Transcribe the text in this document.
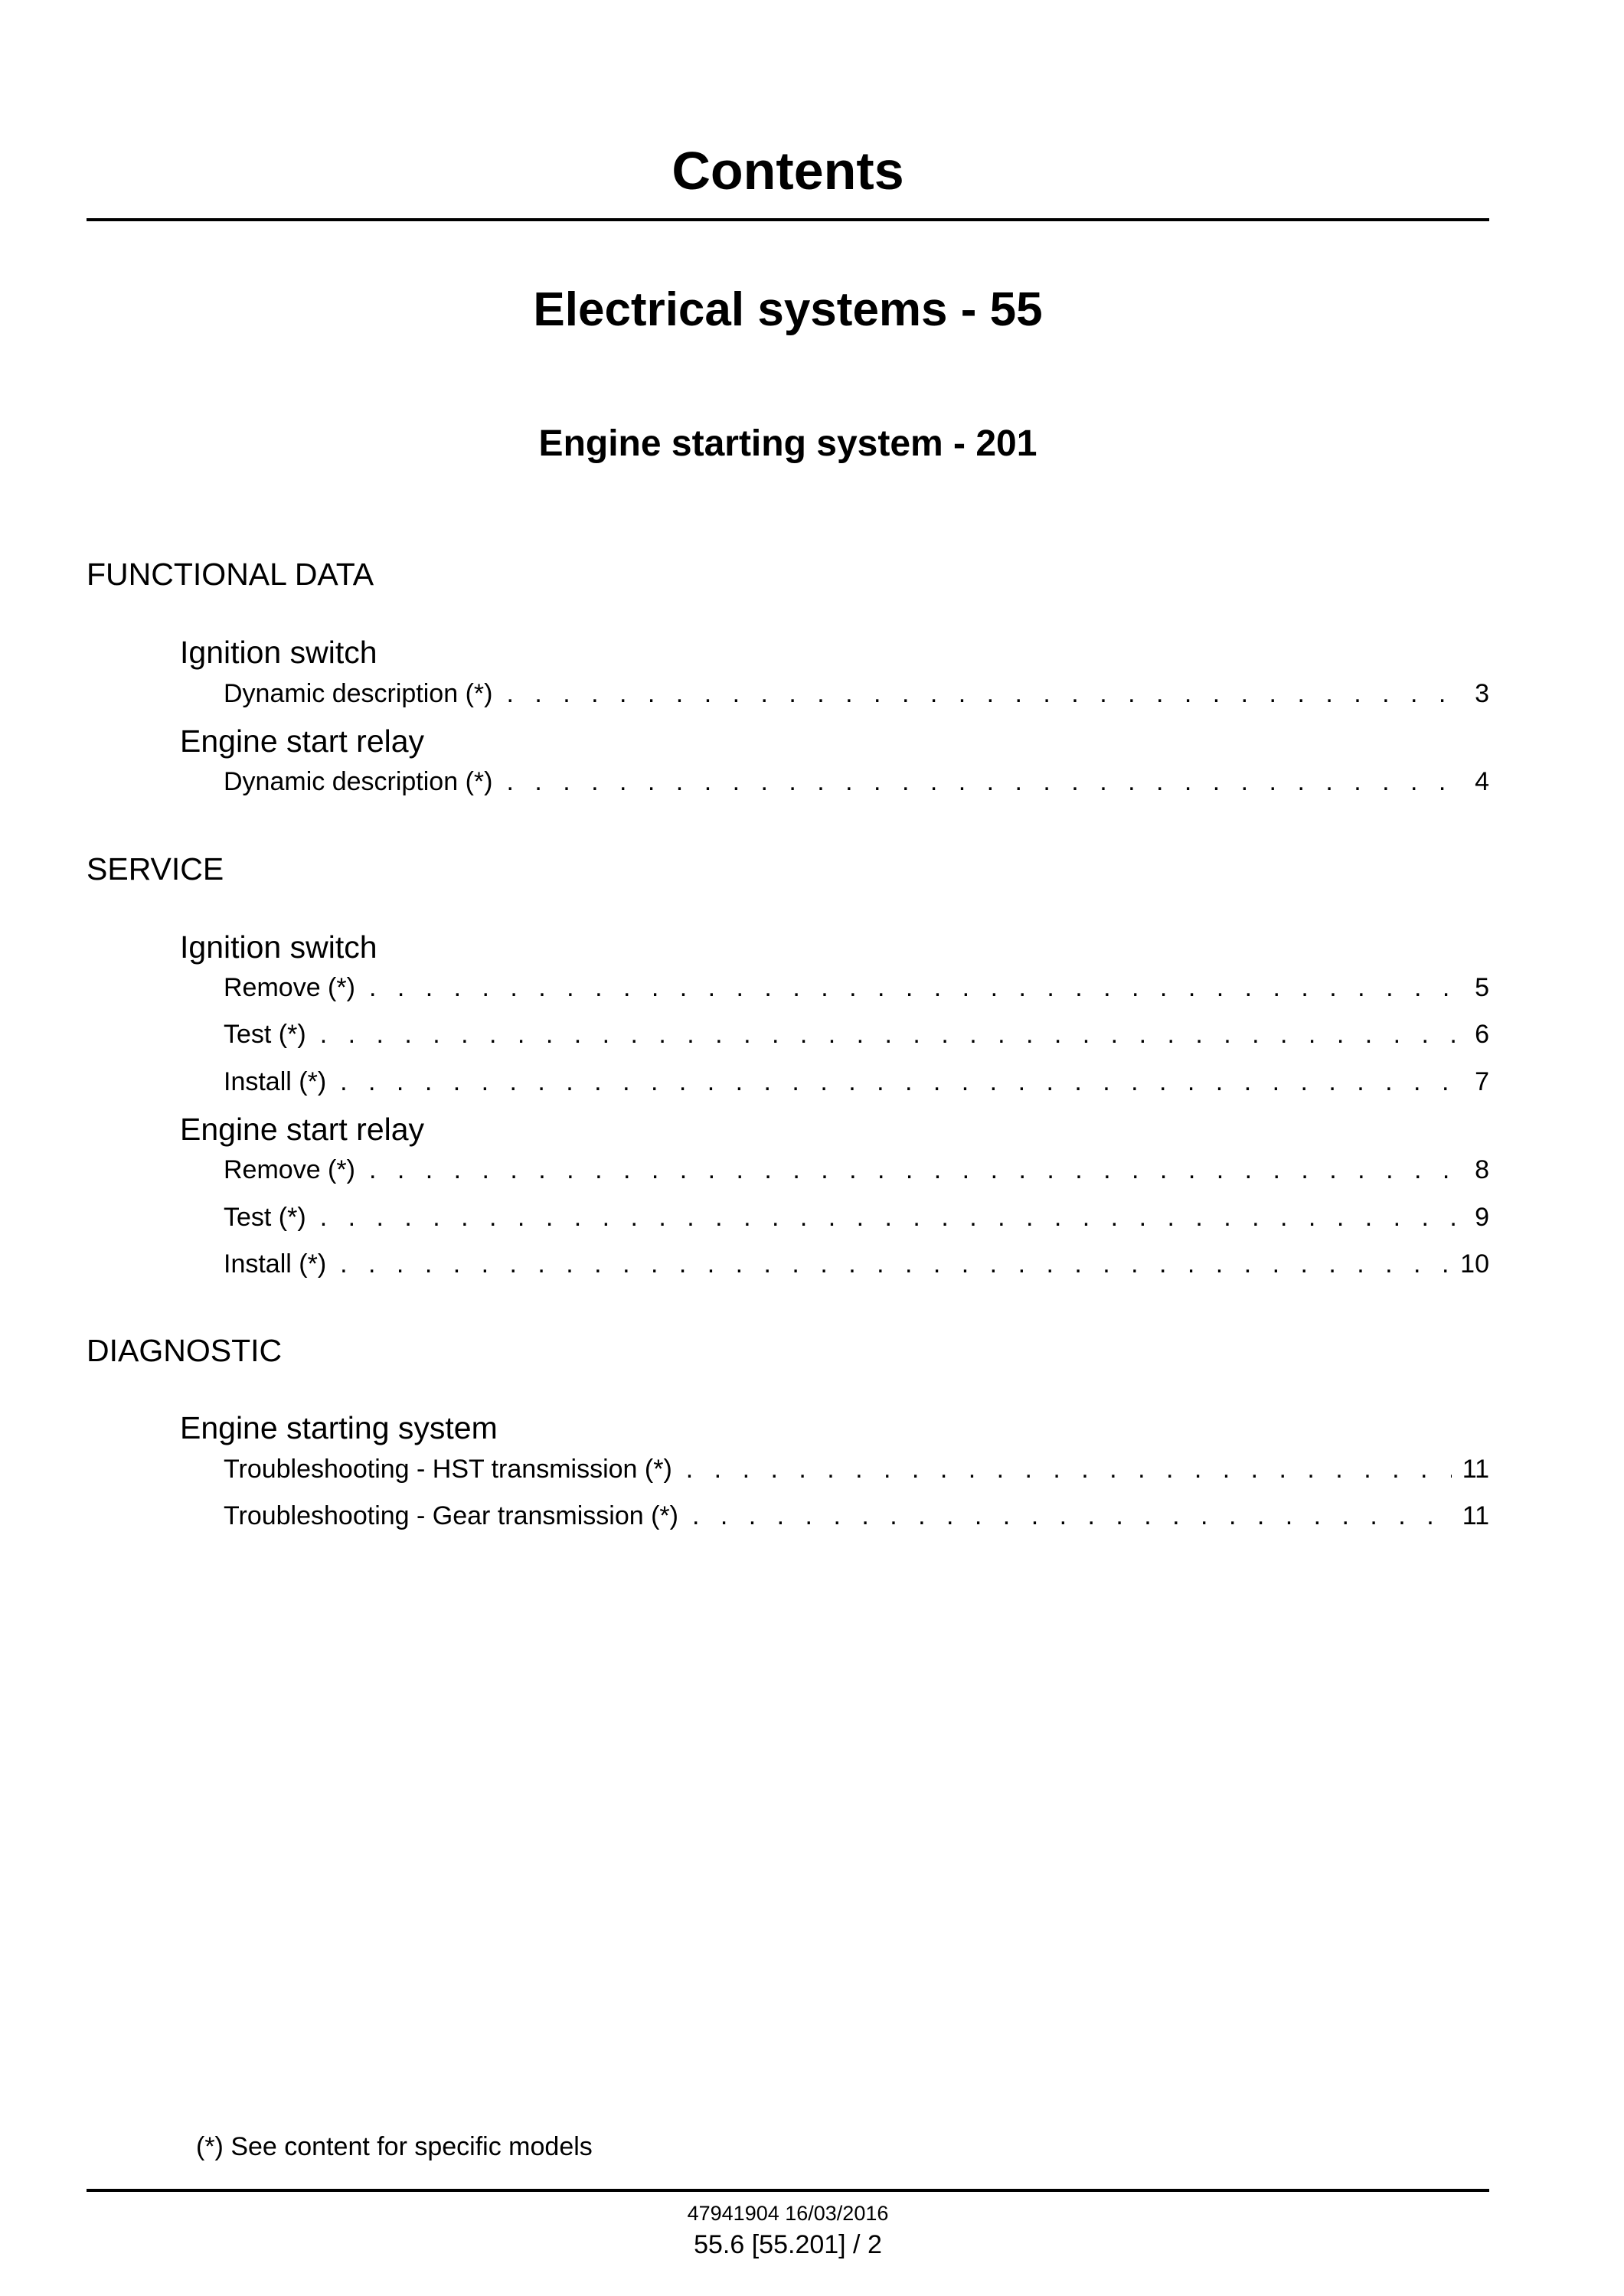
Contents
Electrical systems - 55
Engine starting system - 201
FUNCTIONAL DATA
Ignition switch
Dynamic description (*) . . .	3
Engine start relay
Dynamic description (*) . . .	4
SERVICE
Ignition switch
Remove (*) . . .	5
Test (*) . . .	6
Install (*) . . .	7
Engine start relay
Remove (*) . . .	8
Test (*) . . .	9
Install (*) . . .	10
DIAGNOSTIC
Engine starting system
Troubleshooting - HST transmission (*) . . .	11
Troubleshooting - Gear transmission (*) . . .	11
(*) See content for specific models
47941904 16/03/2016
55.6 [55.201] / 2
